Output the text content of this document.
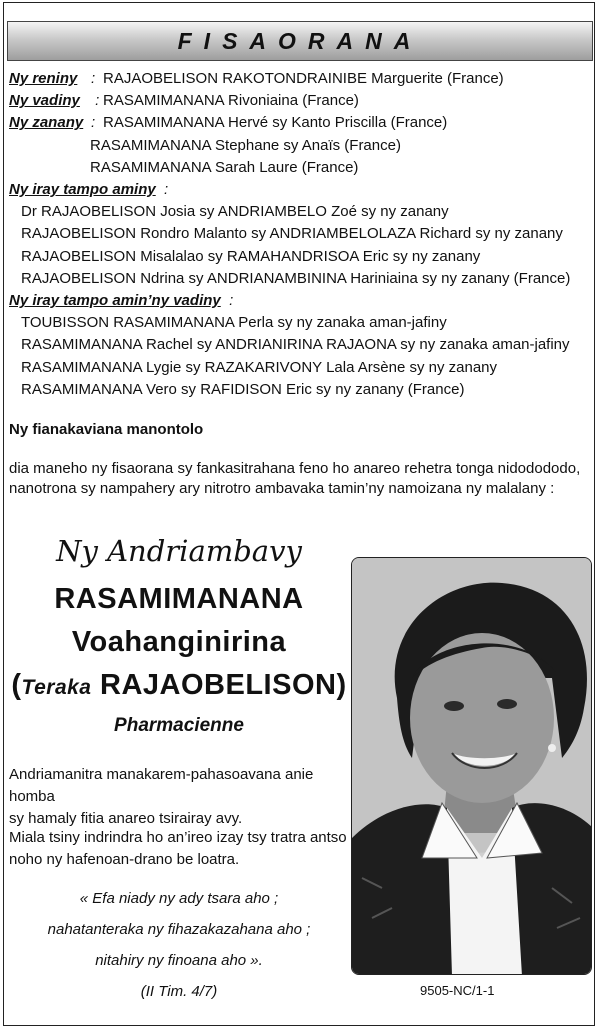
FISAORANA
Ny reniny : RAJAOBELISON RAKOTONDRAINIBE Marguerite (France)
Ny vadiny : RASAMIMANANA Rivoniaina (France)
Ny zanany : RASAMIMANANA Hervé sy Kanto Priscilla (France)
RASAMIMANANA Stephane sy Anaïs (France)
RASAMIMANANA Sarah Laure (France)
Ny iray tampo aminy :
Dr RAJAOBELISON Josia sy ANDRIAMBELO Zoé sy ny zanany
RAJAOBELISON Rondro Malanto sy ANDRIAMBELOLAZA Richard sy ny zanany
RAJAOBELISON Misalalao sy RAMAHANDRISOA Eric sy ny zanany
RAJAOBELISON Ndrina sy ANDRIANAMBININA Hariniaina sy ny zanany (France)
Ny iray tampo amin’ny vadiny :
TOUBISSON RASAMIMANANA Perla sy ny zanaka aman-jafiny
RASAMIMANANA Rachel sy ANDRIANIRINA RAJAONA sy ny zanaka aman-jafiny
RASAMIMANANA Lygie sy RAZAKARIVONY Lala Arsène sy ny zanany
RASAMIMANANA Vero sy RAFIDISON Eric sy ny zanany (France)
Ny fianakaviana manontolo
dia maneho ny fisaorana sy fankasitrahana feno ho anareo rehetra tonga nidodododo,
nanotrona sy nampahery ary nitrotro ambavaka tamin’ny namoizana ny malalany :
Ny Andriambavy
RASAMIMANANA
Voahanginirina
(Teraka RAJAOBELISON)
Pharmacienne
Andriamanitra manakarem-pahasoavana anie homba
sy hamaly fitia anareo tsirairay avy.
Miala tsiny indrindra ho an’ireo izay tsy tratra antso
noho ny hafenoan-drano be loatra.
« Efa niady ny ady tsara aho ;
nahatanteraka ny fihazakazahana aho ;
nitahiry ny finoana aho ».
(II Tim. 4/7)	9505-NC/1-1
